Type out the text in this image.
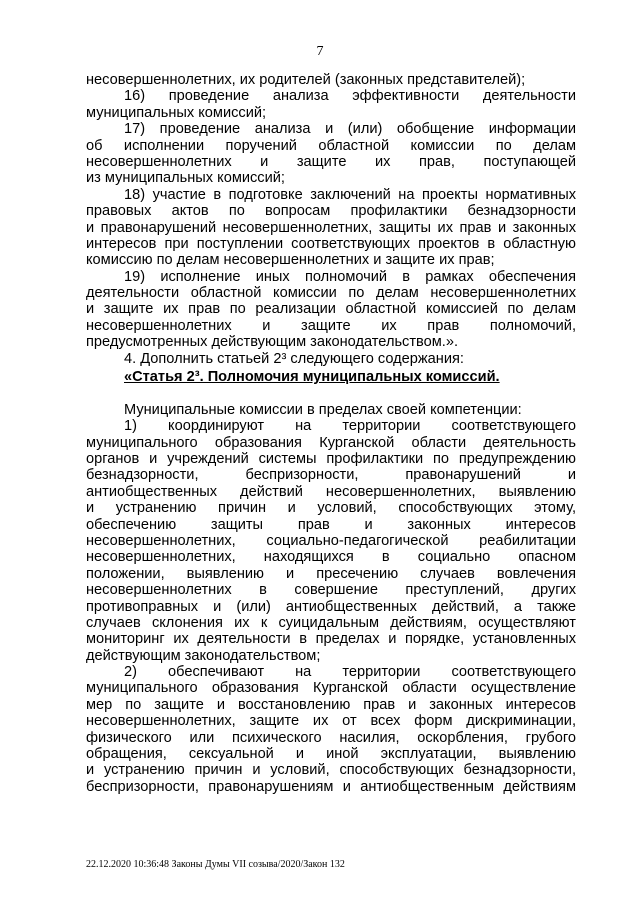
7
несовершеннолетних, их родителей (законных представителей);
16) проведение анализа эффективности деятельности
муниципальных комиссий;
17) проведение анализа и (или) обобщение информации
об исполнении поручений областной комиссии по делам
несовершеннолетних и защите их прав, поступающей
из муниципальных комиссий;
18) участие в подготовке заключений на проекты нормативных
правовых актов по вопросам профилактики безнадзорности
и правонарушений несовершеннолетних, защиты их прав и законных
интересов при поступлении соответствующих проектов в областную
комиссию по делам несовершеннолетних и защите их прав;
19) исполнение иных полномочий в рамках обеспечения
деятельности областной комиссии по делам несовершеннолетних
и защите их прав по реализации областной комиссией по делам
несовершеннолетних и защите их прав полномочий,
предусмотренных действующим законодательством.».
4. Дополнить статьей 2³ следующего содержания:
«Статья 2³. Полномочия муниципальных комиссий.
Муниципальные комиссии в пределах своей компетенции:
1) координируют на территории соответствующего
муниципального образования Курганской области деятельность
органов и учреждений системы профилактики по предупреждению
безнадзорности, беспризорности, правонарушений и
антиобщественных действий несовершеннолетних, выявлению
и устранению причин и условий, способствующих этому,
обеспечению защиты прав и законных интересов
несовершеннолетних, социально-педагогической реабилитации
несовершеннолетних, находящихся в социально опасном
положении, выявлению и пресечению случаев вовлечения
несовершеннолетних в совершение преступлений, других
противоправных и (или) антиобщественных действий, а также
случаев склонения их к суицидальным действиям, осуществляют
мониторинг их деятельности в пределах и порядке, установленных
действующим законодательством;
2) обеспечивают на территории соответствующего
муниципального образования Курганской области осуществление
мер по защите и восстановлению прав и законных интересов
несовершеннолетних, защите их от всех форм дискриминации,
физического или психического насилия, оскорбления, грубого
обращения, сексуальной и иной эксплуатации, выявлению
и устранению причин и условий, способствующих безнадзорности,
беспризорности, правонарушениям и антиобщественным действиям
22.12.2020 10:36:48 Законы Думы VII созыва/2020/Закон 132
